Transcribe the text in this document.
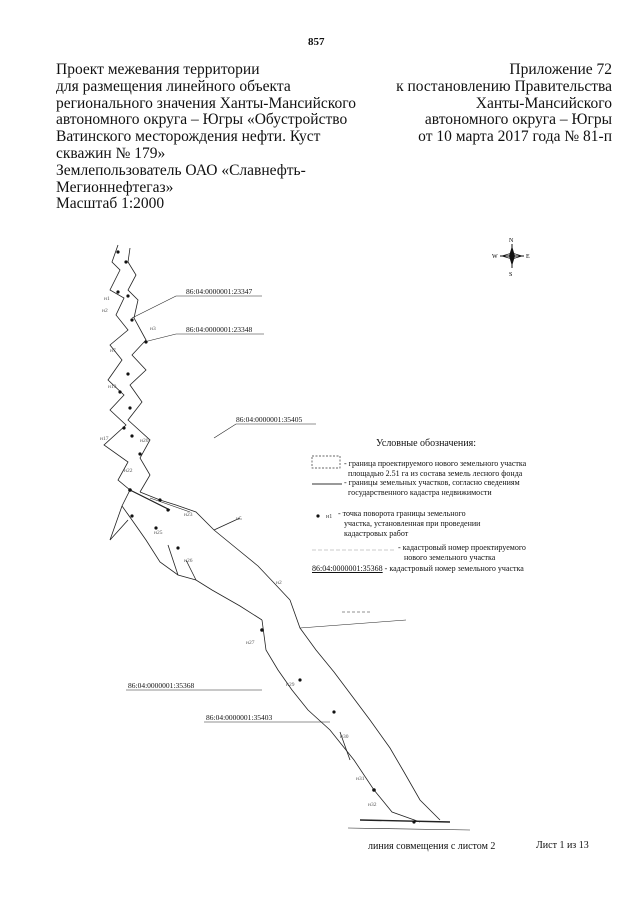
857
Проект межевания территории
для размещения линейного объекта
регионального значения Ханты-Мансийского
автономного округа – Югры «Обустройство
Ватинского месторождения нефти. Куст
скважин № 179»
Землепользователь ОАО «Славнефть-
Мегионнефтегаз»
Масштаб 1:2000
Приложение 72
к постановлению Правительства
Ханты-Мансийского
автономного округа – Югры
от 10 марта 2017 года № 81-п
N
S
W	E
н1
н2
н3
н7
н13
н17	н20
н22
н23
н25
н26
н5
н2
н27
н29
н30
н31
н32
86:04:0000001:23347
86:04:0000001:23348
86:04:0000001:35405
86:04:0000001:35368
86:04:0000001:35403
н1
Условные обозначения:
- граница проектируемого нового земельного участка
площадью 2.51 га из состава земель лесного фонда
- границы земельных участков, согласно сведениям
государственного кадастра недвижимости
- точка поворота границы земельного
участка, установленная при проведении
кадастровых работ
- кадастровый номер проектируемого
нового земельного участка
86:04:0000001:35368 - кадастровый номер земельного участка
линия совмещения с листом 2	Лист 1 из 13
